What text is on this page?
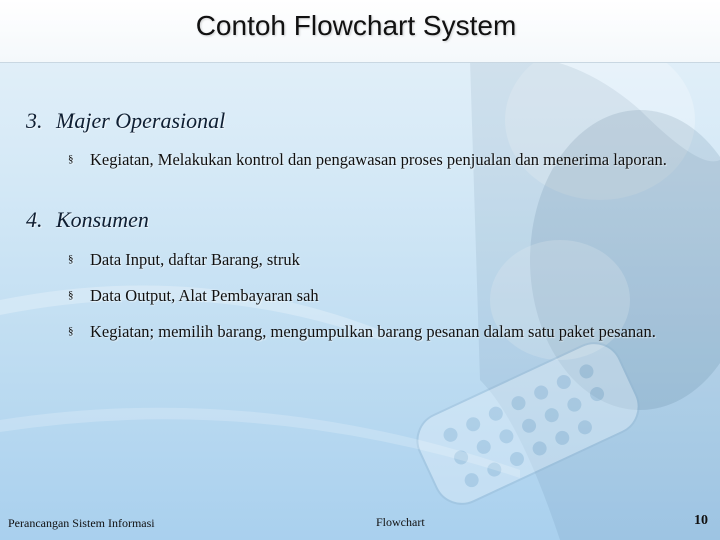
Contoh Flowchart System
3. Majer Operasional
§ Kegiatan, Melakukan kontrol dan pengawasan proses penjualan dan menerima laporan.
4. Konsumen
§ Data Input, daftar Barang, struk
§ Data Output, Alat Pembayaran sah
§ Kegiatan; memilih barang, mengumpulkan barang pesanan dalam satu paket pesanan.
Perancangan Sistem Informasi	Flowchart	10
